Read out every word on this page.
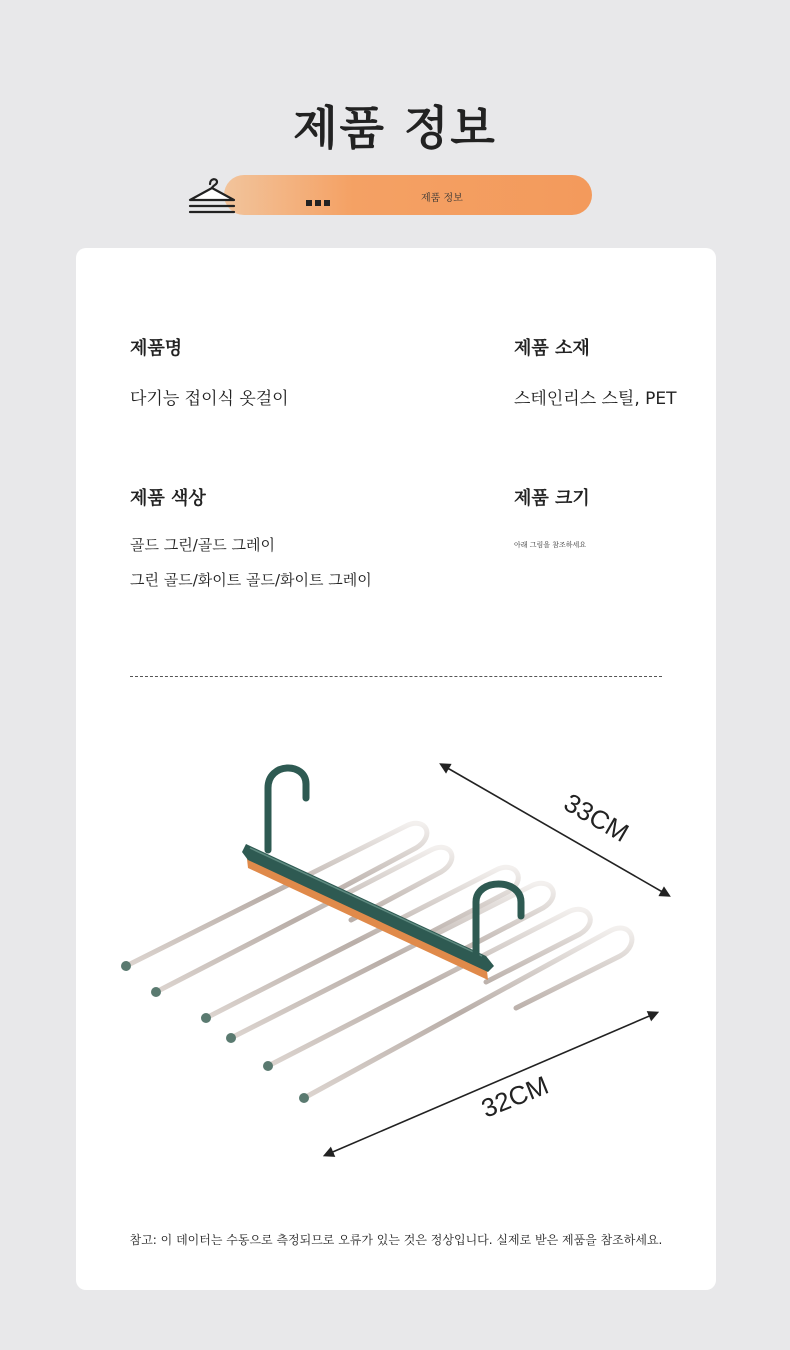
제품 정보
제품 정보
제품명
다기능 접이식 옷걸이
제품 소재
스테인리스 스틸, PET
제품 색상
골드 그린/골드 그레이
그린 골드/화이트 골드/화이트 그레이
제품 크기
아래 그림을 참조하세요
33CM
32CM
참고: 이 데이터는 수동으로 측정되므로 오류가 있는 것은 정상입니다. 실제로 받은 제품을 참조하세요.
